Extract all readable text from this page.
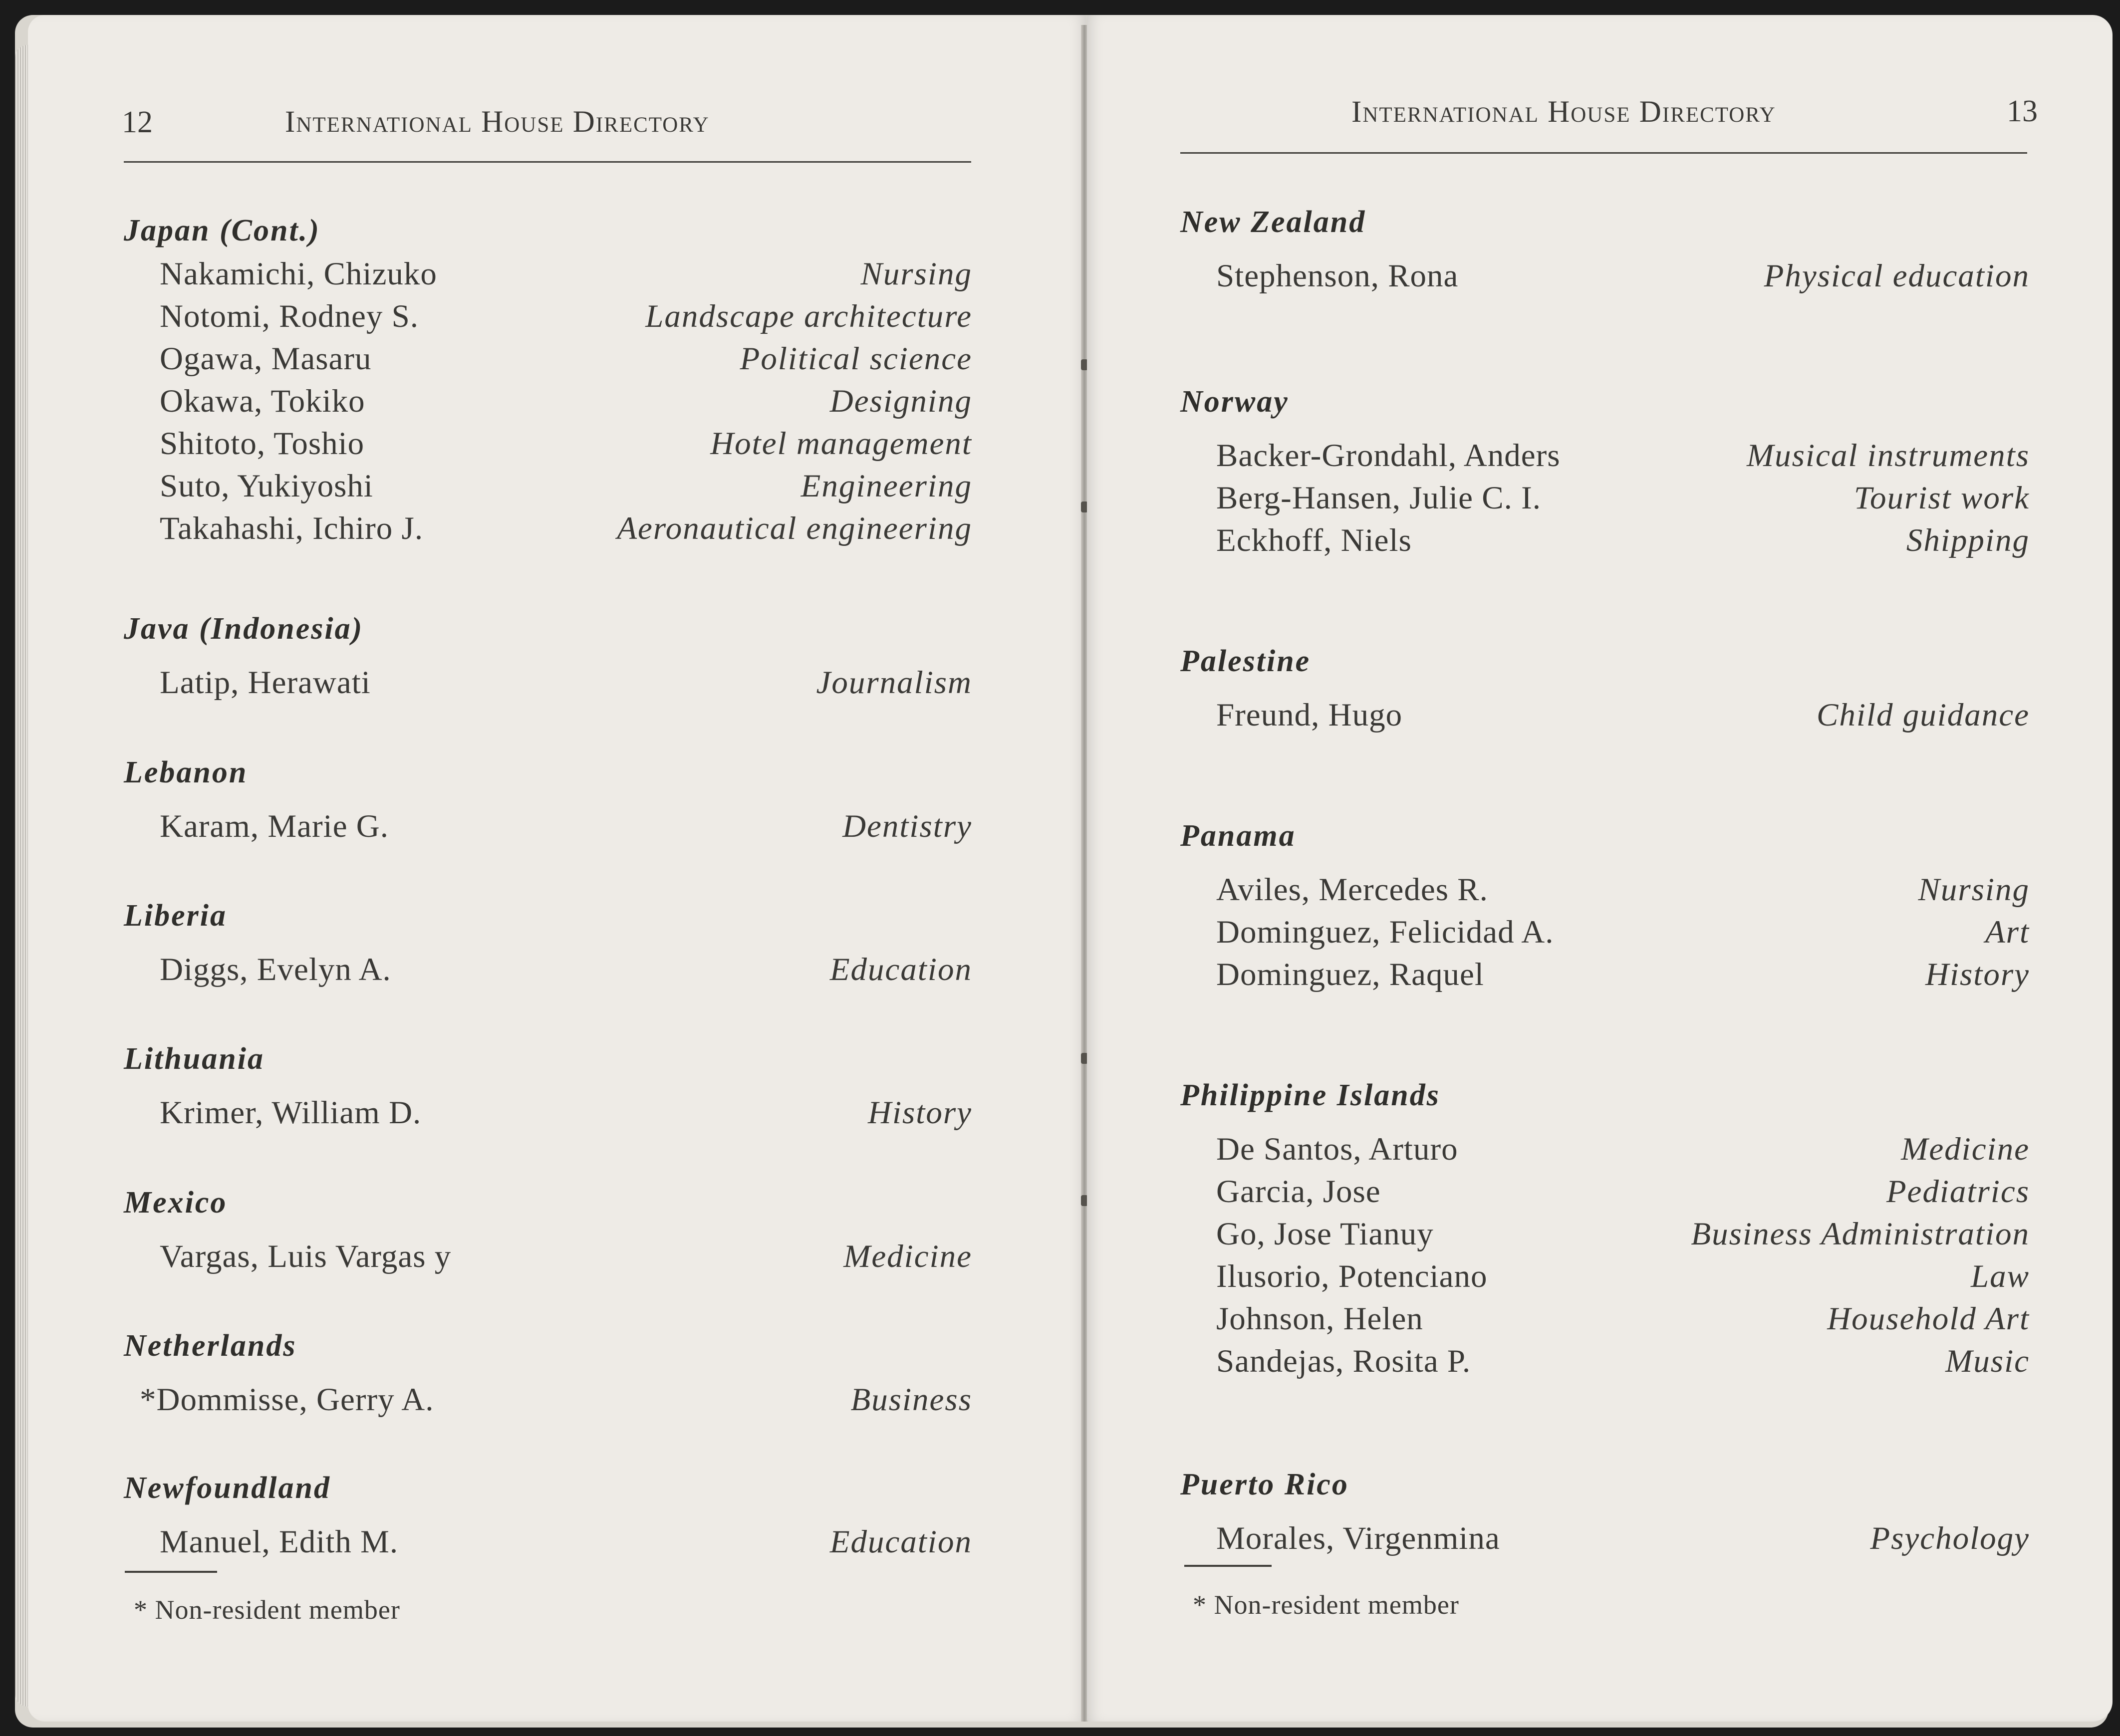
12	International House Directory
Japan (Cont.)
Nakamichi, Chizuko	Nursing
Notomi, Rodney S.	Landscape architecture
Ogawa, Masaru	Political science
Okawa, Tokiko	Designing
Shitoto, Toshio	Hotel management
Suto, Yukiyoshi	Engineering
Takahashi, Ichiro J.	Aeronautical engineering
Java (Indonesia)
Latip, Herawati	Journalism
Lebanon
Karam, Marie G.	Dentistry
Liberia
Diggs, Evelyn A.	Education
Lithuania
Krimer, William D.	History
Mexico
Vargas, Luis Vargas y	Medicine
Netherlands
*Dommisse, Gerry A.	Business
Newfoundland
Manuel, Edith M.	Education
* Non-resident member
International House Directory	13
New Zealand
Stephenson, Rona	Physical education
Norway
Backer-Grondahl, Anders	Musical instruments
Berg-Hansen, Julie C. I.	Tourist work
Eckhoff, Niels	Shipping
Palestine
Freund, Hugo	Child guidance
Panama
Aviles, Mercedes R.	Nursing
Dominguez, Felicidad A.	Art
Dominguez, Raquel	History
Philippine Islands
De Santos, Arturo	Medicine
Garcia, Jose	Pediatrics
Go, Jose Tianuy	Business Administration
Ilusorio, Potenciano	Law
Johnson, Helen	Household Art
Sandejas, Rosita P.	Music
Puerto Rico
Morales, Virgenmina	Psychology
* Non-resident member
